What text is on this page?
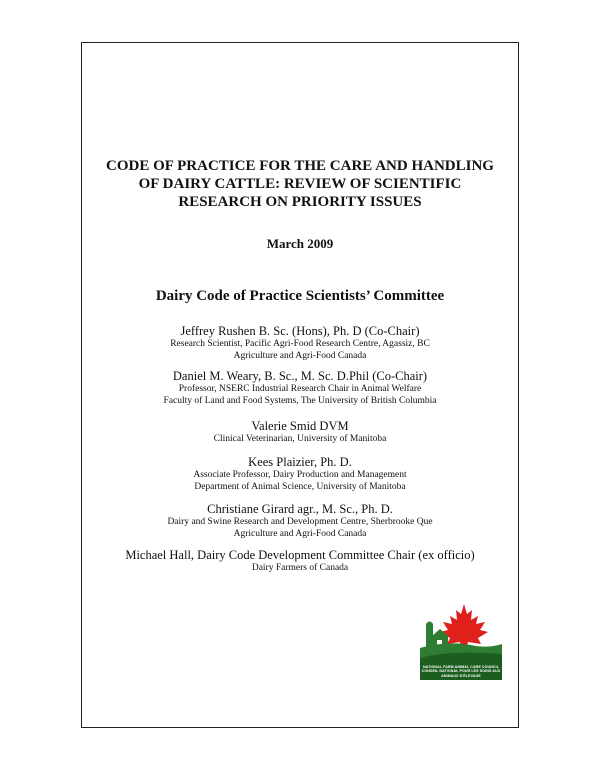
CODE OF PRACTICE FOR THE CARE AND HANDLING
OF DAIRY CATTLE: REVIEW OF SCIENTIFIC
RESEARCH ON PRIORITY ISSUES
March 2009
Dairy Code of Practice Scientists’ Committee
Jeffrey Rushen B. Sc. (Hons), Ph. D (Co-Chair)
Research Scientist, Pacific Agri-Food Research Centre, Agassiz, BC
Agriculture and Agri-Food Canada
Daniel M. Weary, B. Sc., M. Sc. D.Phil (Co-Chair)
Professor, NSERC Industrial Research Chair in Animal Welfare
Faculty of Land and Food Systems, The University of British Columbia
Valerie Smid DVM
Clinical Veterinarian, University of Manitoba
Kees Plaizier, Ph. D.
Associate Professor, Dairy Production and Management
Department of Animal Science, University of Manitoba
Christiane Girard agr., M. Sc., Ph. D.
Dairy and Swine Research and Development Centre, Sherbrooke Que
Agriculture and Agri-Food Canada
Michael Hall, Dairy Code Development Committee Chair (ex officio)
Dairy Farmers of Canada
NATIONAL FARM ANIMAL CARE COUNCIL
CONSEIL NATIONAL POUR LES SOINS AUX ANIMAUX D'ÉLEVAGE
